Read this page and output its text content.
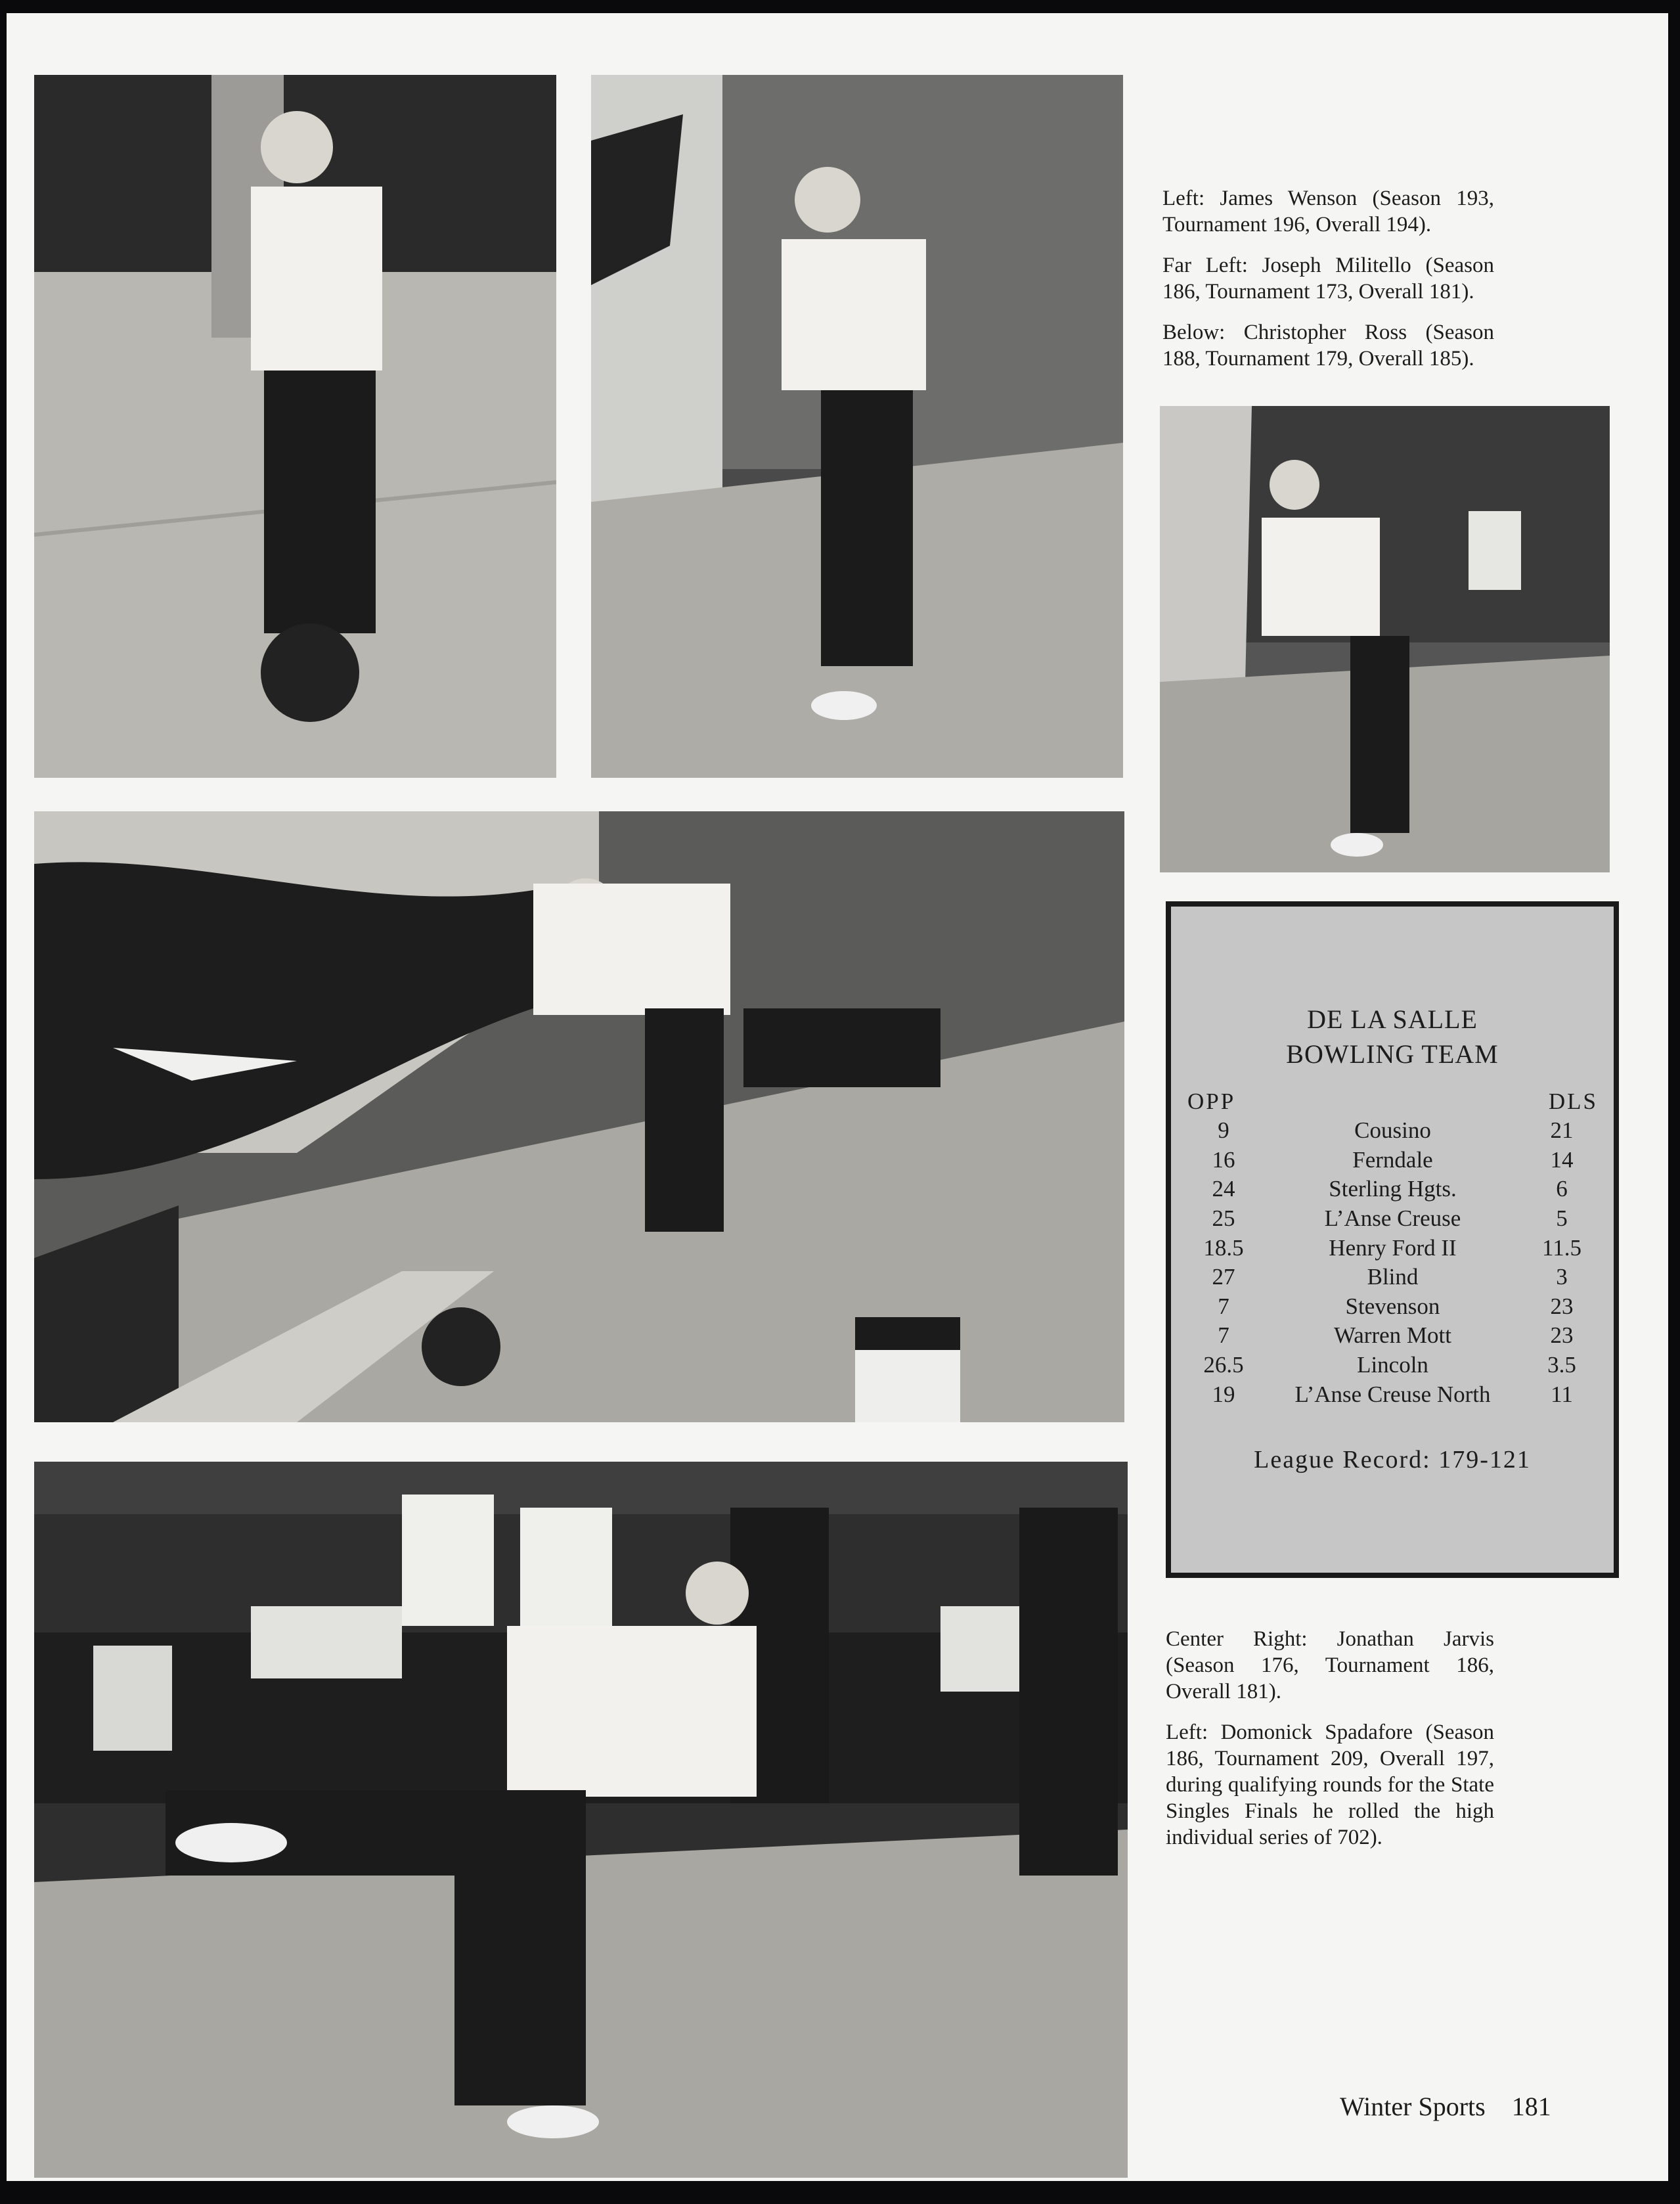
Left: James Wenson (Season 193, Tournament 196, Overall 194).

Far Left: Joseph Militello (Season 186, Tournament 173, Overall 181).

Below: Christopher Ross (Season 188, Tournament 179, Overall 185).

DE LA SALLE
BOWLING TEAM
OPP		DLS
9	Cousino	21
16	Ferndale	14
24	Sterling Hgts.	6
25	L’Anse Creuse	5
18.5	Henry Ford II	11.5
27	Blind	3
7	Stevenson	23
7	Warren Mott	23
26.5	Lincoln	3.5
19	L’Anse Creuse North	11
League Record: 179-121

Center Right: Jonathan Jarvis (Season 176, Tournament 186, Overall 181).

Left: Domonick Spadafore (Season 186, Tournament 209, Overall 197, during qualifying rounds for the State Singles Finals he rolled the high individual series of 702).

Winter Sports 181
